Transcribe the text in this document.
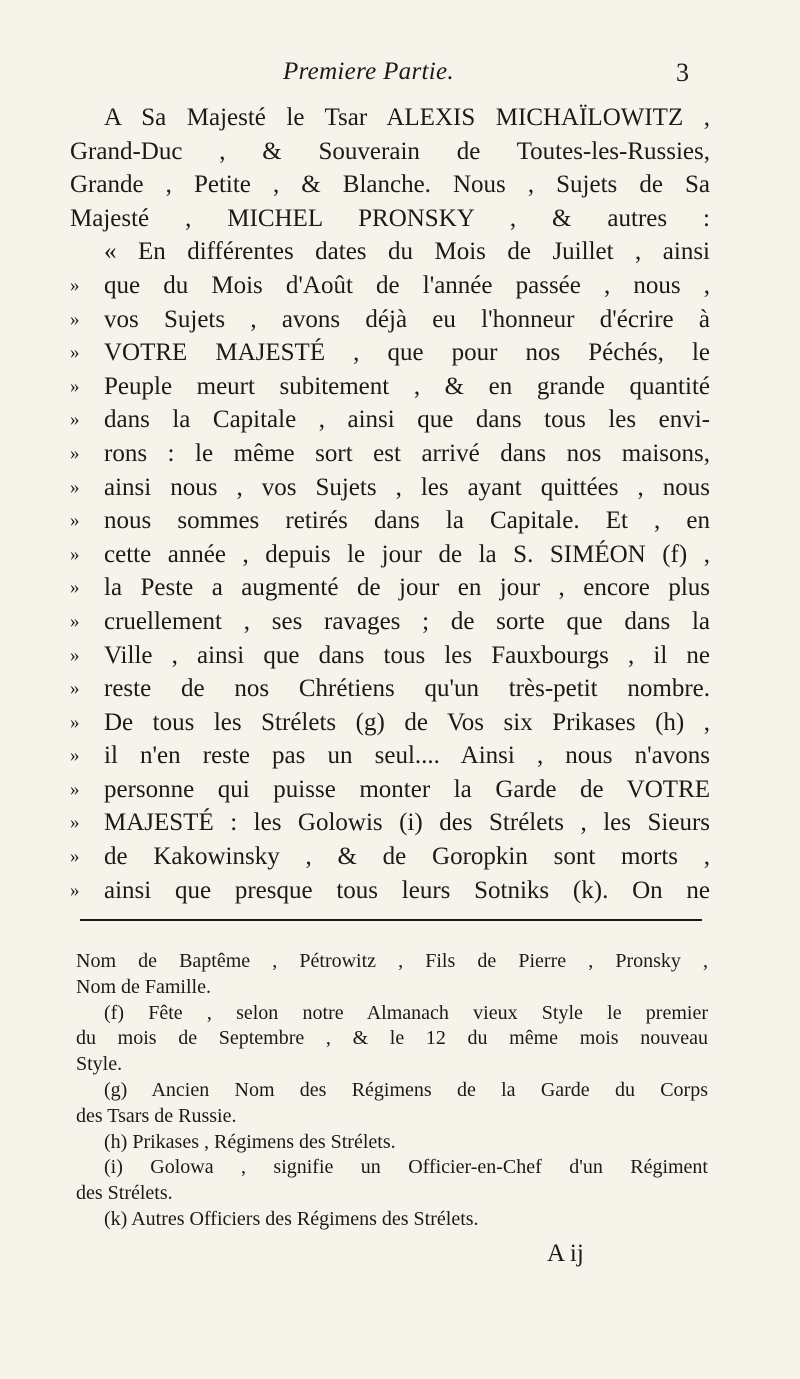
Premiere Partie.	3
A Sa Majesté le Tsar ALEXIS MICHAÏLOWITZ ,
Grand-Duc , & Souverain de Toutes-les-Russies,
Grande , Petite , & Blanche. Nous , Sujets de Sa
Majesté , MICHEL PRONSKY , & autres :
« En différentes dates du Mois de Juillet , ainsi
» que du Mois d'Août de l'année passée , nous ,
» vos Sujets , avons déjà eu l'honneur d'écrire à
» VOTRE MAJESTÉ , que pour nos Péchés, le
» Peuple meurt subitement , & en grande quantité
» dans la Capitale , ainsi que dans tous les envi-
» rons : le même sort est arrivé dans nos maisons,
» ainsi nous , vos Sujets , les ayant quittées , nous
» nous sommes retirés dans la Capitale. Et , en
» cette année , depuis le jour de la S. SIMÉON (f) ,
» la Peste a augmenté de jour en jour , encore plus
» cruellement , ses ravages ; de sorte que dans la
» Ville , ainsi que dans tous les Fauxbourgs , il ne
» reste de nos Chrétiens qu'un très-petit nombre.
» De tous les Strélets (g) de Vos six Prikases (h) ,
» il n'en reste pas un seul.... Ainsi , nous n'avons
» personne qui puisse monter la Garde de VOTRE
» MAJESTÉ : les Golowis (i) des Strélets , les Sieurs
» de Kakowinsky , & de Goropkin sont morts ,
» ainsi que presque tous leurs Sotniks (k). On ne
Nom de Baptême , Pétrowitz , Fils de Pierre , Pronsky ,
Nom de Famille.
(f) Fête , selon notre Almanach vieux Style le premier
du mois de Septembre , & le 12 du même mois nouveau
Style.
(g) Ancien Nom des Régimens de la Garde du Corps
des Tsars de Russie.
(h) Prikases , Régimens des Strélets.
(i) Golowa , signifie un Officier-en-Chef d'un Régiment
des Strélets.
(k) Autres Officiers des Régimens des Strélets.
A ij
